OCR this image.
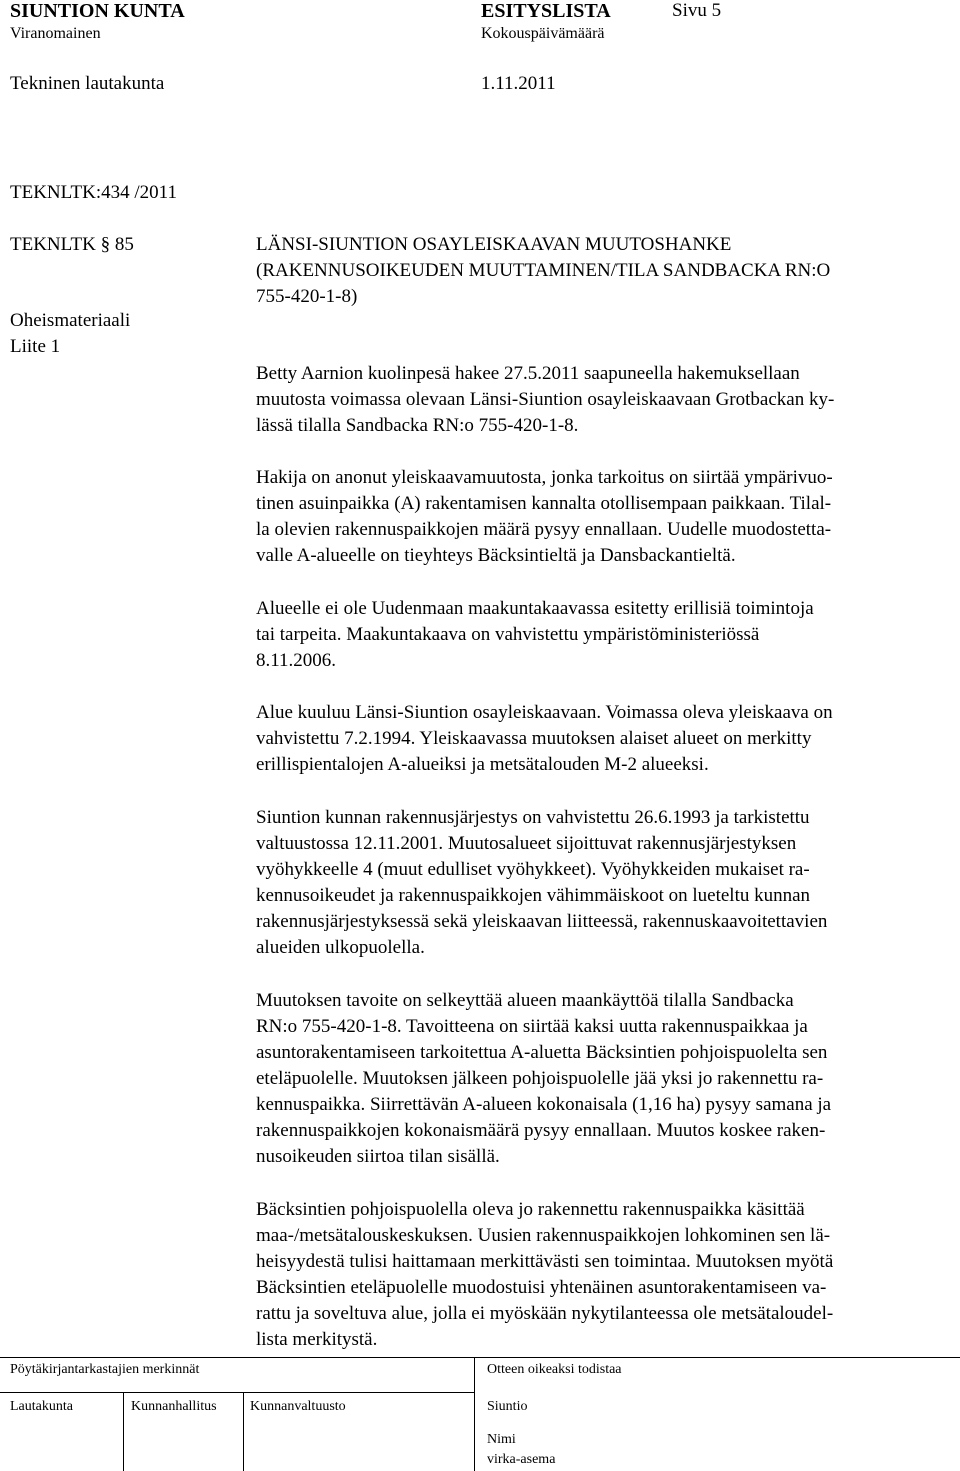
SIUNTION KUNTA	ESITYSLISTA	Sivu 5
Viranomainen	Kokouspäivämäärä
Tekninen lautakunta	1.11.2011
TEKNLTK:434 /2011
TEKNLTK § 85
Oheismateriaali
Liite 1
LÄNSI-SIUNTION OSAYLEISKAAVAN MUUTOSHANKE
(RAKENNUSOIKEUDEN MUUTTAMINEN/TILA SANDBACKA RN:O
755-420-1-8)
Betty Aarnion kuolinpesä hakee 27.5.2011 saapuneella hakemuksellaan
muutosta voimassa olevaan Länsi-Siuntion osayleiskaavaan Grotbackan ky-
lässä tilalla Sandbacka RN:o 755-420-1-8.
Hakija on anonut yleiskaavamuutosta, jonka tarkoitus on siirtää ympärivuo-
tinen asuinpaikka (A) rakentamisen kannalta otollisempaan paikkaan. Tilal-
la olevien rakennuspaikkojen määrä pysyy ennallaan. Uudelle muodostetta-
valle A-alueelle on tieyhteys Bäcksintieltä ja Dansbackantieltä.
Alueelle ei ole Uudenmaan maakuntakaavassa esitetty erillisiä toimintoja
tai tarpeita. Maakuntakaava on vahvistettu ympäristöministeriössä
8.11.2006.
Alue kuuluu Länsi-Siuntion osayleiskaavaan. Voimassa oleva yleiskaava on
vahvistettu 7.2.1994. Yleiskaavassa muutoksen alaiset alueet on merkitty
erillispientalojen A-alueiksi ja metsätalouden M-2 alueeksi.
Siuntion kunnan rakennusjärjestys on vahvistettu 26.6.1993 ja tarkistettu
valtuustossa 12.11.2001. Muutosalueet sijoittuvat rakennusjärjestyksen
vyöhykkeelle 4 (muut edulliset vyöhykkeet). Vyöhykkeiden mukaiset ra-
kennusoikeudet ja rakennuspaikkojen vähimmäiskoot on lueteltu kunnan
rakennusjärjestyksessä sekä yleiskaavan liitteessä, rakennuskaavoitettavien
alueiden ulkopuolella.
Muutoksen tavoite on selkeyttää alueen maankäyttöä tilalla Sandbacka
RN:o 755-420-1-8. Tavoitteena on siirtää kaksi uutta rakennuspaikkaa ja
asuntorakentamiseen tarkoitettua A-aluetta Bäcksintien pohjoispuolelta sen
eteläpuolelle. Muutoksen jälkeen pohjoispuolelle jää yksi jo rakennettu ra-
kennuspaikka. Siirrettävän A-alueen kokonaisala (1,16 ha) pysyy samana ja
rakennuspaikkojen kokonaismäärä pysyy ennallaan. Muutos koskee raken-
nusoikeuden siirtoa tilan sisällä.
Bäcksintien pohjoispuolella oleva jo rakennettu rakennuspaikka käsittää
maa-/metsätalouskeskuksen. Uusien rakennuspaikkojen lohkominen sen lä-
heisyydestä tulisi haittamaan merkittävästi sen toimintaa. Muutoksen myötä
Bäcksintien eteläpuolelle muodostuisi yhtenäinen asuntorakentamiseen va-
rattu ja soveltuva alue, jolla ei myöskään nykytilanteessa ole metsätaloudel-
lista merkitystä.
Pöytäkirjantarkastajien merkinnät
Lautakunta	Kunnanhallitus Kunnanvaltuusto
Otteen oikeaksi todistaa
Siuntio
Nimi
virka-asema
